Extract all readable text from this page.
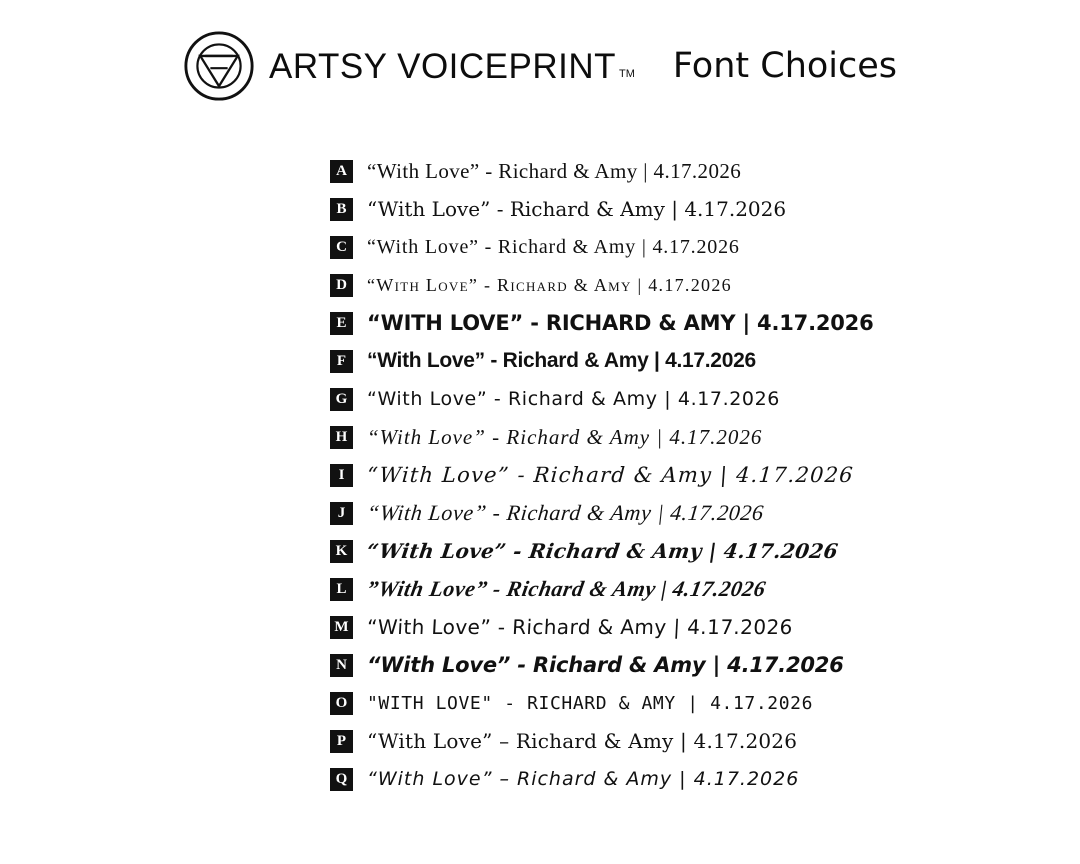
ARTSY VOICEPRINT TM Font Choices
A “With Love” - Richard & Amy | 4.17.2026
B	“With Love” - Richard & Amy | 4.17.2026
C	“With Love” - Richard & Amy | 4.17.2026
D	“With Love” - Richard & Amy | 4.17.2026
E “WITH LOVE” - RICHARD & AMY | 4.17.2026
F “With Love” - Richard & Amy | 4.17.2026
G “With Love” - Richard & Amy | 4.17.2026
H “With Love” - Richard & Amy | 4.17.2026
I	“With Love” - Richard & Amy | 4.17.2026
J “With Love” - Richard & Amy | 4.17.2026
K “With Love” - Richard & Amy | 4.17.2026
L ”With Love” - Richard & Amy | 4.17.2026
M “With Love” - Richard & Amy | 4.17.2026
N “With Love” - Richard & Amy | 4.17.2026
O	"WITH LOVE" - RICHARD & AMY | 4.17.2026
P	“With Love” – Richard & Amy | 4.17.2026
Q “With Love” – Richard & Amy | 4.17.2026
